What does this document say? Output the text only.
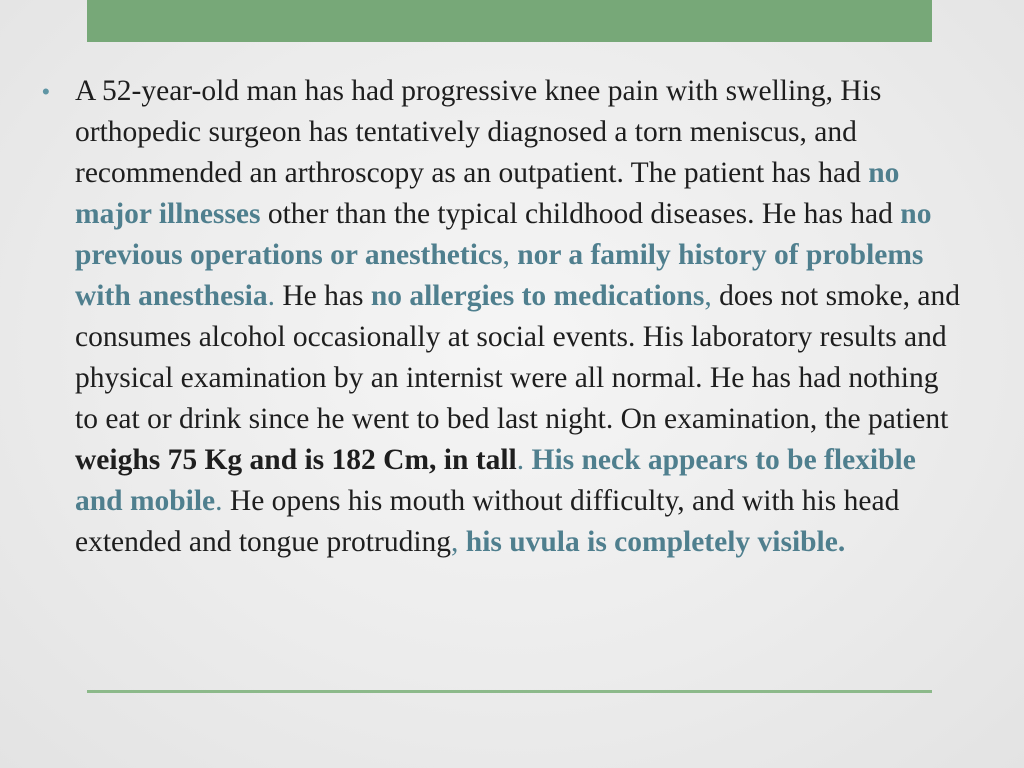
• A 52-year-old man has had progressive knee pain with swelling, His orthopedic surgeon has tentatively diagnosed a torn meniscus, and recommended an arthroscopy as an outpatient. The patient has had no major illnesses other than the typical childhood diseases. He has had no previous operations or anesthetics, nor a family history of problems with anesthesia. He has no allergies to medications, does not smoke, and consumes alcohol occasionally at social events. His laboratory results and physical examination by an internist were all normal. He has had nothing to eat or drink since he went to bed last night. On examination, the patient weighs 75 Kg and is 182 Cm, in tall. His neck appears to be flexible and mobile. He opens his mouth without difficulty, and with his head extended and tongue protruding, his uvula is completely visible.
